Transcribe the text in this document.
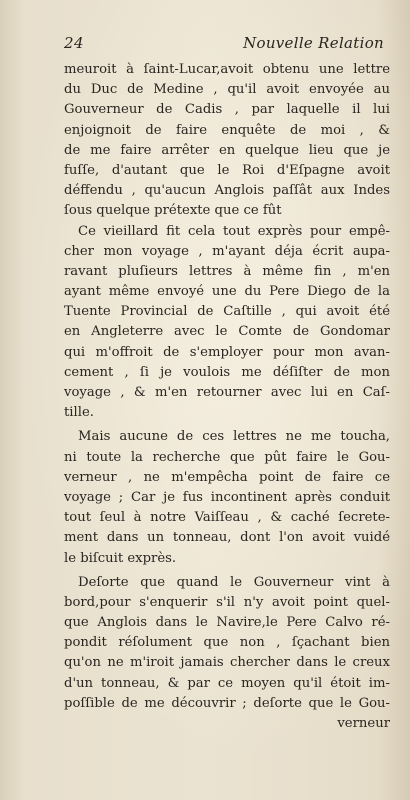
24	Nouvelle Relation
meuroit à ſaint-Lucar,avoit obtenu une lettre
du Duc de Medine , qu'il avoit envoyée au
Gouverneur de Cadis , par laquelle il lui
enjoignoit de faire enquête de moi , &
de me faire arrêter en quelque lieu que je
fuſſe, d'autant que le Roi d'Eſpagne avoit
déffendu , qu'aucun Anglois paſſât aux Indes
ſous quelque prétexte que ce fût
Ce vieillard fit cela tout exprès pour empê-
cher mon voyage , m'ayant déja écrit aupa-
ravant pluſieurs lettres à même fin , m'en
ayant même envoyé une du Pere Diego de la
Tuente Provincial de Caſtille , qui avoit été
en Angleterre avec le Comte de Gondomar
qui m'offroit de s'employer pour mon avan-
cement , ſi je voulois me déſiſter de mon
voyage , & m'en retourner avec lui en Caſ-
tille.
Mais aucune de ces lettres ne me toucha,
ni toute la recherche que pût faire le Gou-
verneur , ne m'empêcha point de faire ce
voyage ; Car je fus incontinent après conduit
tout ſeul à notre Vaiſſeau , & caché ſecrete-
ment dans un tonneau, dont l'on avoit vuidé
le biſcuit exprès.
Deſorte que quand le Gouverneur vint à
bord,pour s'enquerir s'il n'y avoit point quel-
que Anglois dans le Navire,le Pere Calvo ré-
pondit réſolument que non , ſçachant bien
qu'on ne m'iroit jamais chercher dans le creux
d'un tonneau, & par ce moyen qu'il étoit im-
poſſible de me découvrir ; deſorte que le Gou-
verneur
